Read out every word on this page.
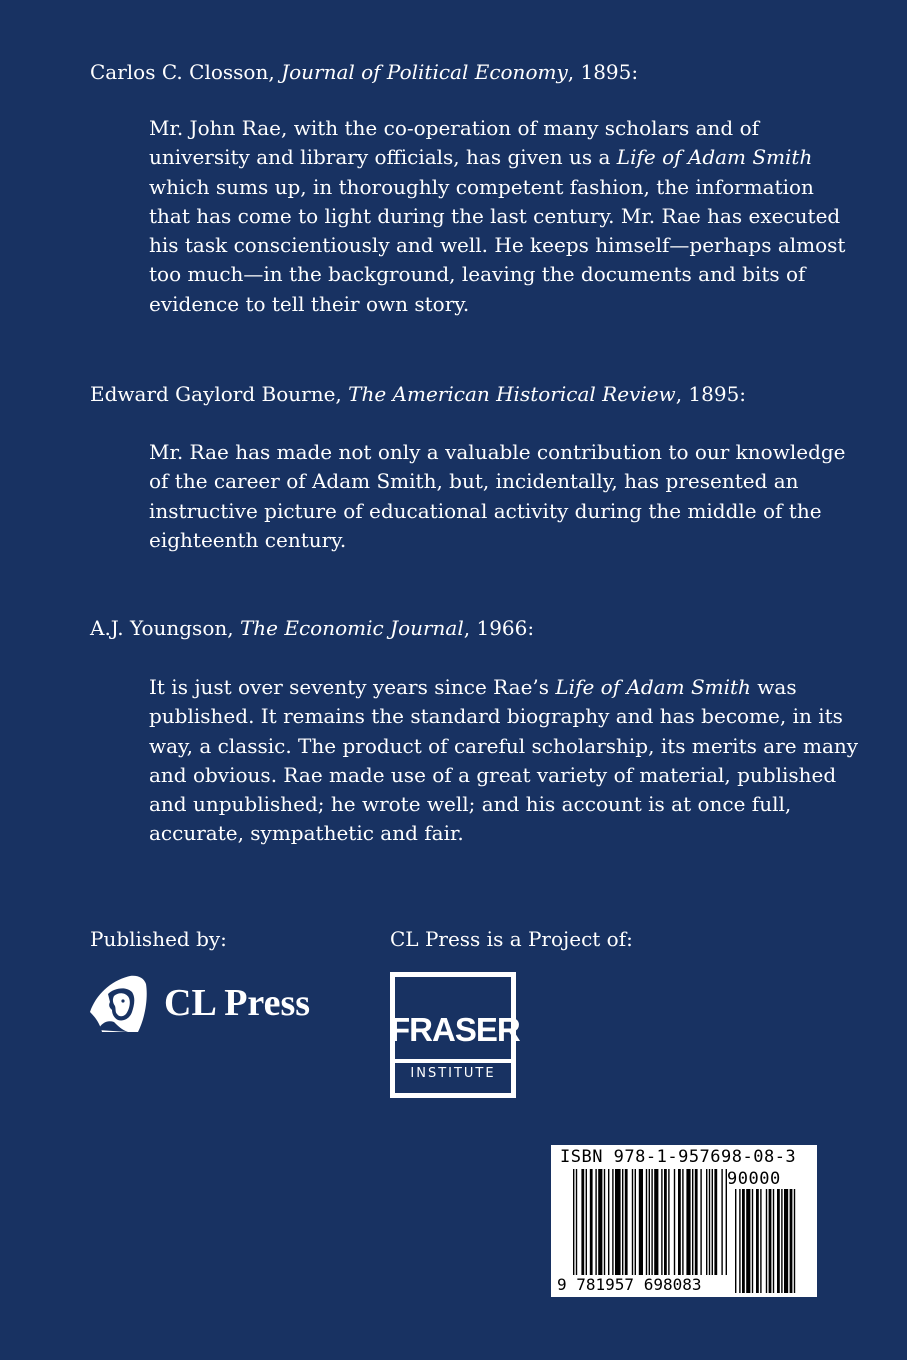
Carlos C. Closson, Journal of Political Economy, 1895:
Mr. John Rae, with the co-operation of many scholars and of
university and library officials, has given us a Life of Adam Smith
which sums up, in thoroughly competent fashion, the information
that has come to light during the last century. Mr. Rae has executed
his task conscientiously and well. He keeps himself—perhaps almost
too much—in the background, leaving the documents and bits of
evidence to tell their own story.
Edward Gaylord Bourne, The American Historical Review, 1895:
Mr. Rae has made not only a valuable contribution to our knowledge
of the career of Adam Smith, but, incidentally, has presented an
instructive picture of educational activity during the middle of the
eighteenth century.
A.J. Youngson, The Economic Journal, 1966:
It is just over seventy years since Rae’s Life of Adam Smith was
published. It remains the standard biography and has become, in its
way, a classic. The product of careful scholarship, its merits are many
and obvious. Rae made use of a great variety of material, published
and unpublished; he wrote well; and his account is at once full,
accurate, sympathetic and fair.
Published by:	CL Press is a Project of:
CL Press
FRASER
INSTITUTE
ISBN 978-1-957698-08-3
90000
9 781957 698083
